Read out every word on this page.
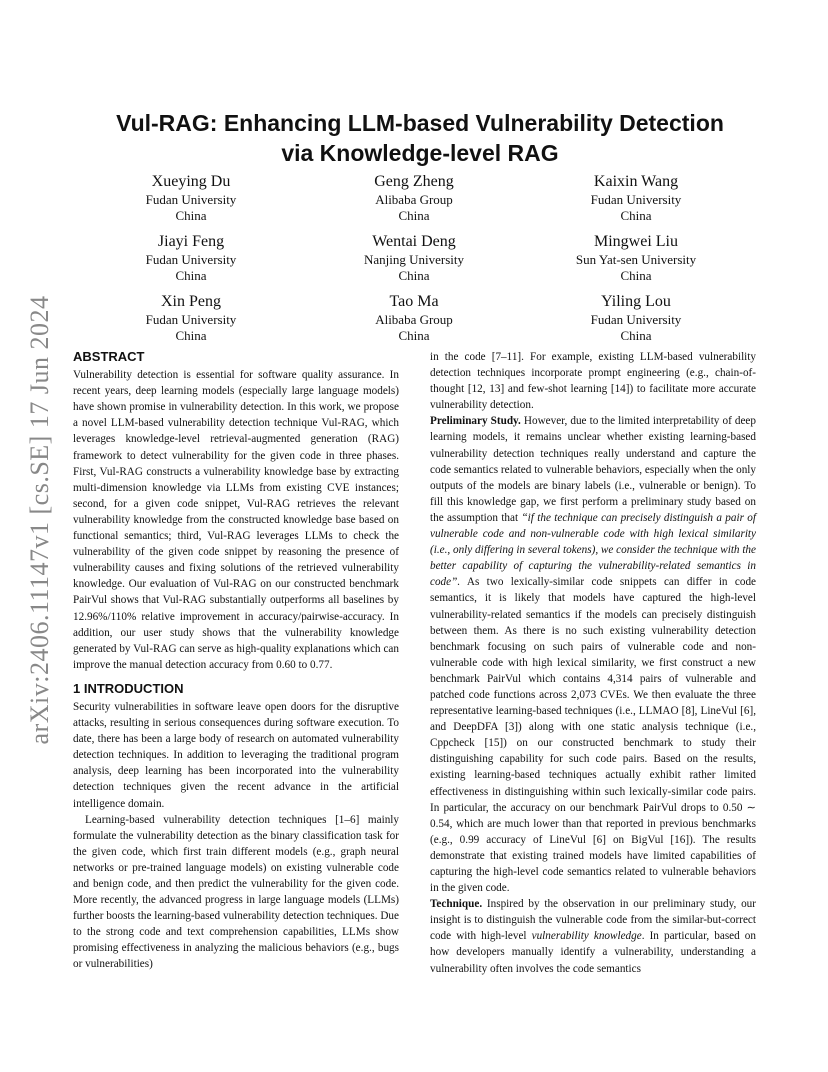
arXiv:2406.11147v1 [cs.SE] 17 Jun 2024
Vul-RAG: Enhancing LLM-based Vulnerability Detection
via Knowledge-level RAG
Xueying Du
Fudan University
China
Geng Zheng
Alibaba Group
China
Kaixin Wang
Fudan University
China
Jiayi Feng
Fudan University
China
Wentai Deng
Nanjing University
China
Mingwei Liu
Sun Yat-sen University
China
Xin Peng
Fudan University
China
Tao Ma
Alibaba Group
China
Yiling Lou
Fudan University
China
ABSTRACT

Vulnerability detection is essential for software quality assurance. In recent years, deep learning models (especially large language models) have shown promise in vulnerability detection. In this work, we propose a novel LLM-based vulnerability detection technique Vul-RAG, which leverages knowledge-level retrieval-augmented generation (RAG) framework to detect vulnerability for the given code in three phases. First, Vul-RAG constructs a vulnerability knowledge base by extracting multi-dimension knowledge via LLMs from existing CVE instances; second, for a given code snippet, Vul-RAG retrieves the relevant vulnerability knowledge from the constructed knowledge base based on functional semantics; third, Vul-RAG leverages LLMs to check the vulnerability of the given code snippet by reasoning the presence of vulnerability causes and fixing solutions of the retrieved vulnerability knowledge. Our evaluation of Vul-RAG on our constructed benchmark PairVul shows that Vul-RAG substantially outperforms all baselines by 12.96%/110% relative improvement in accuracy/pairwise-accuracy. In addition, our user study shows that the vulnerability knowledge generated by Vul-RAG can serve as high-quality explanations which can improve the manual detection accuracy from 0.60 to 0.77.

1 INTRODUCTION

Security vulnerabilities in software leave open doors for the disruptive attacks, resulting in serious consequences during software execution. To date, there has been a large body of research on automated vulnerability detection techniques. In addition to leveraging the traditional program analysis, deep learning has been incorporated into the vulnerability detection techniques given the recent advance in the artificial intelligence domain.

Learning-based vulnerability detection techniques [1–6] mainly formulate the vulnerability detection as the binary classification task for the given code, which first train different models (e.g., graph neural networks or pre-trained language models) on existing vulnerable code and benign code, and then predict the vulnerability for the given code. More recently, the advanced progress in large language models (LLMs) further boosts the learning-based vulnerability detection techniques. Due to the strong code and text comprehension capabilities, LLMs show promising effectiveness in analyzing the malicious behaviors (e.g., bugs or vulnerabilities)

in the code [7–11]. For example, existing LLM-based vulnerability detection techniques incorporate prompt engineering (e.g., chain-of-thought [12, 13] and few-shot learning [14]) to facilitate more accurate vulnerability detection.

Preliminary Study. However, due to the limited interpretability of deep learning models, it remains unclear whether existing learning-based vulnerability detection techniques really understand and capture the code semantics related to vulnerable behaviors, especially when the only outputs of the models are binary labels (i.e., vulnerable or benign). To fill this knowledge gap, we first perform a preliminary study based on the assumption that “if the technique can precisely distinguish a pair of vulnerable code and non-vulnerable code with high lexical similarity (i.e., only differing in several tokens), we consider the technique with the better capability of capturing the vulnerability-related semantics in code”. As two lexically-similar code snippets can differ in code semantics, it is likely that models have captured the high-level vulnerability-related semantics if the models can precisely distinguish between them. As there is no such existing vulnerability detection benchmark focusing on such pairs of vulnerable code and non-vulnerable code with high lexical similarity, we first construct a new benchmark PairVul which contains 4,314 pairs of vulnerable and patched code functions across 2,073 CVEs. We then evaluate the three representative learning-based techniques (i.e., LLMAO [8], LineVul [6], and DeepDFA [3]) along with one static analysis technique (i.e., Cppcheck [15]) on our constructed benchmark to study their distinguishing capability for such code pairs. Based on the results, existing learning-based techniques actually exhibit rather limited effectiveness in distinguishing within such lexically-similar code pairs. In particular, the accuracy on our benchmark PairVul drops to 0.50 ∼ 0.54, which are much lower than that reported in previous benchmarks (e.g., 0.99 accuracy of LineVul [6] on BigVul [16]). The results demonstrate that existing trained models have limited capabilities of capturing the high-level code semantics related to vulnerable behaviors in the given code.

Technique. Inspired by the observation in our preliminary study, our insight is to distinguish the vulnerable code from the similar-but-correct code with high-level vulnerability knowledge. In particular, based on how developers manually identify a vulnerability, understanding a vulnerability often involves the code semantics
